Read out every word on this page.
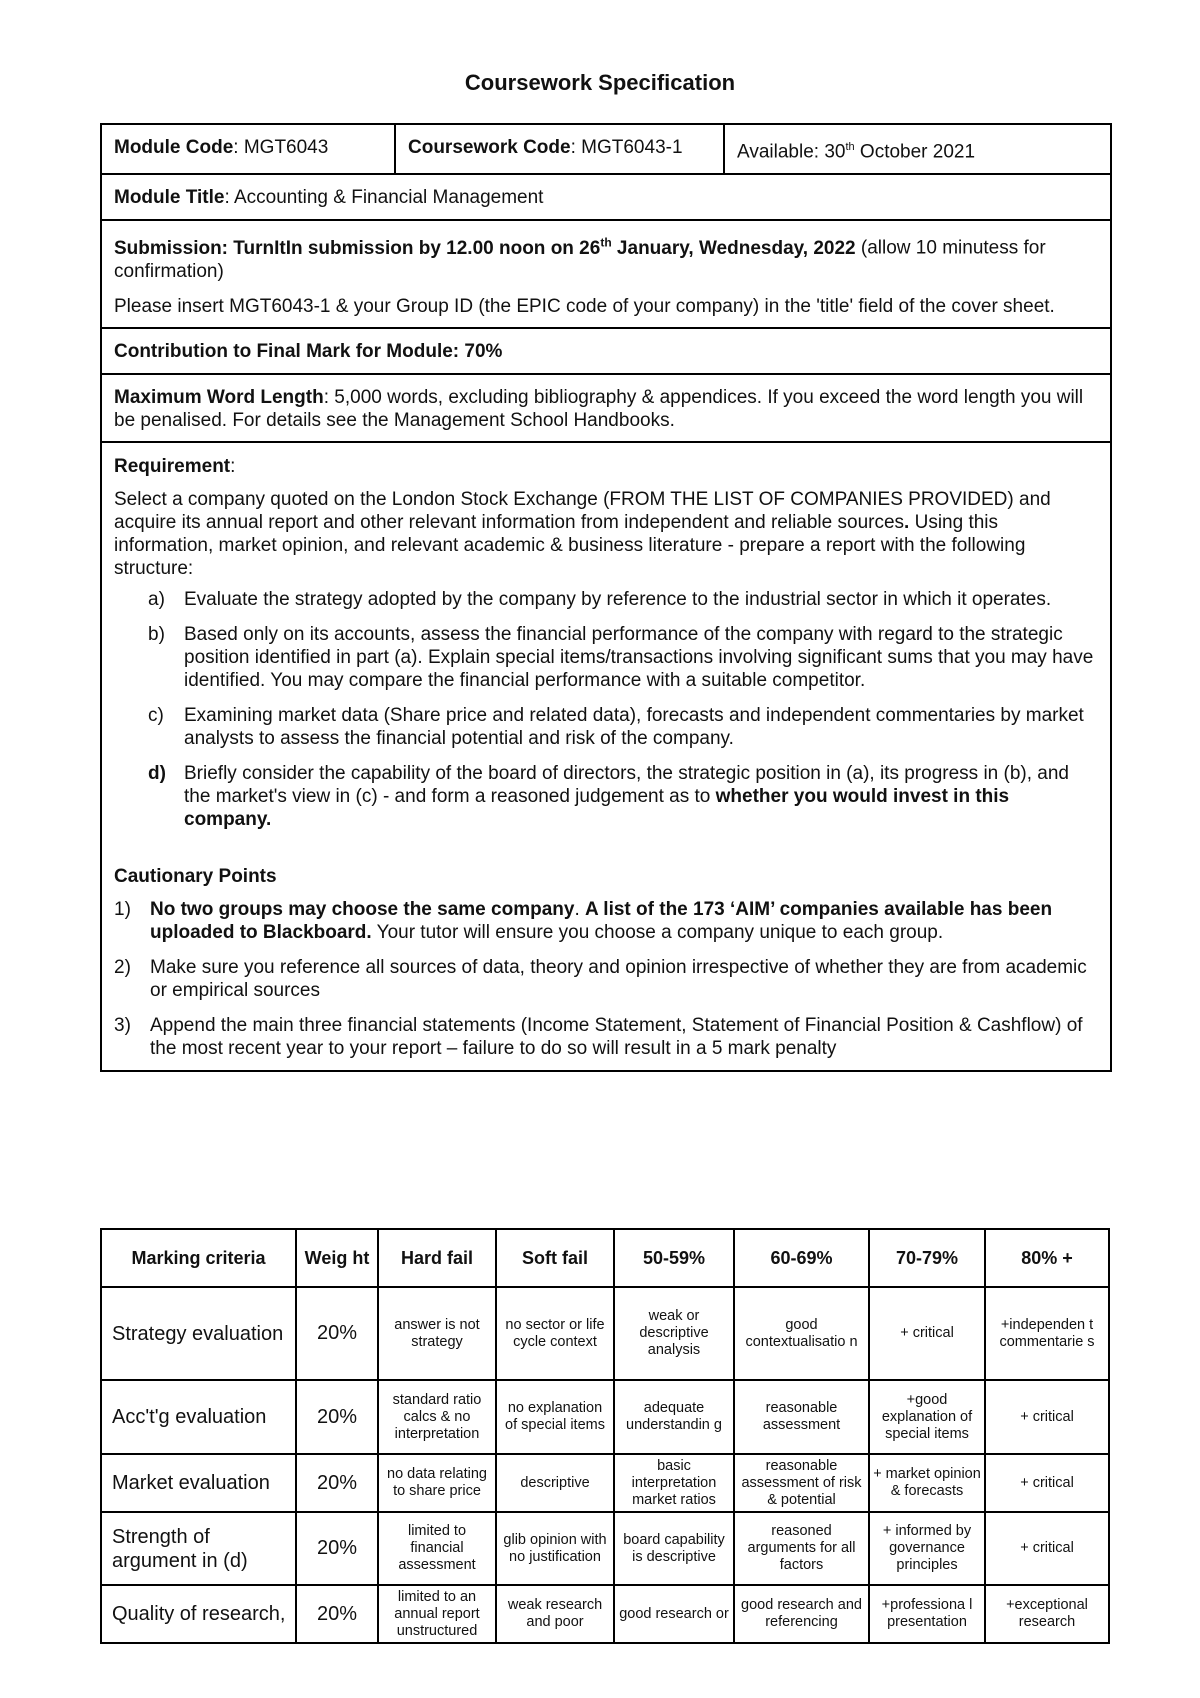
Coursework Specification
Module Code: MGT6043	Coursework Code: MGT6043-1	Available: 30th October 2021
Module Title: Accounting & Financial Management

Submission: TurnItIn submission by 12.00 noon on 26th January, Wednesday, 2022 (allow 10 minutess for confirmation)

Please insert MGT6043-1 & your Group ID (the EPIC code of your company) in the 'title' field of the cover sheet.

Contribution to Final Mark for Module: 70%
Maximum Word Length: 5,000 words, excluding bibliography & appendices. If you exceed the word length you will be penalised. For details see the Management School Handbooks.

Requirement:

Select a company quoted on the London Stock Exchange (FROM THE LIST OF COMPANIES PROVIDED) and acquire its annual report and other relevant information from independent and reliable sources. Using this information, market opinion, and relevant academic & business literature - prepare a report with the following structure:

a)	Evaluate the strategy adopted by the company by reference to the industrial sector in which it operates.
b)	Based only on its accounts, assess the financial performance of the company with regard to the strategic position identified in part (a). Explain special items/transactions involving significant sums that you may have identified. You may compare the financial performance with a suitable competitor.
c)	Examining market data (Share price and related data), forecasts and independent commentaries by market analysts to assess the financial potential and risk of the company.
d) Briefly consider the capability of the board of directors, the strategic position in (a), its progress in (b), and the market's view in (c) - and form a reasoned judgement as to whether you would invest in this company.

Cautionary Points

1)	No two groups may choose the same company. A list of the 173 ‘AIM’ companies available has been uploaded to Blackboard. Your tutor will ensure you choose a company unique to each group.
2)	Make sure you reference all sources of data, theory and opinion irrespective of whether they are from academic or empirical sources
3)	Append the main three financial statements (Income Statement, Statement of Financial Position & Cashflow) of the most recent year to your report – failure to do so will result in a 5 mark penalty
Marking criteria	Weig ht	Hard fail	Soft fail	50-59%	60-69%	70-79%	80% +
Strategy evaluation	20%	answer is not strategy	no sector or life cycle context	weak or descriptive analysis	good contextualisatio n	+ critical	+independen t commentarie s
Acc't'g evaluation	20%	standard ratio calcs & no interpretation	no explanation of special items	adequate understandin g	reasonable assessment	+good explanation of special items	+ critical
Market evaluation	20%	no data relating to share price	descriptive	basic interpretation market ratios	reasonable assessment of risk & potential	+ market opinion & forecasts	+ critical
Strength of argument in (d)	20%	limited to financial assessment	glib opinion with no justification	board capability is descriptive	reasoned arguments for all factors	+ informed by governance principles	+ critical
Quality of research,	20%	limited to an annual report unstructured	weak research and poor	good research or	good research and referencing	+professiona l presentation	+exceptional research
